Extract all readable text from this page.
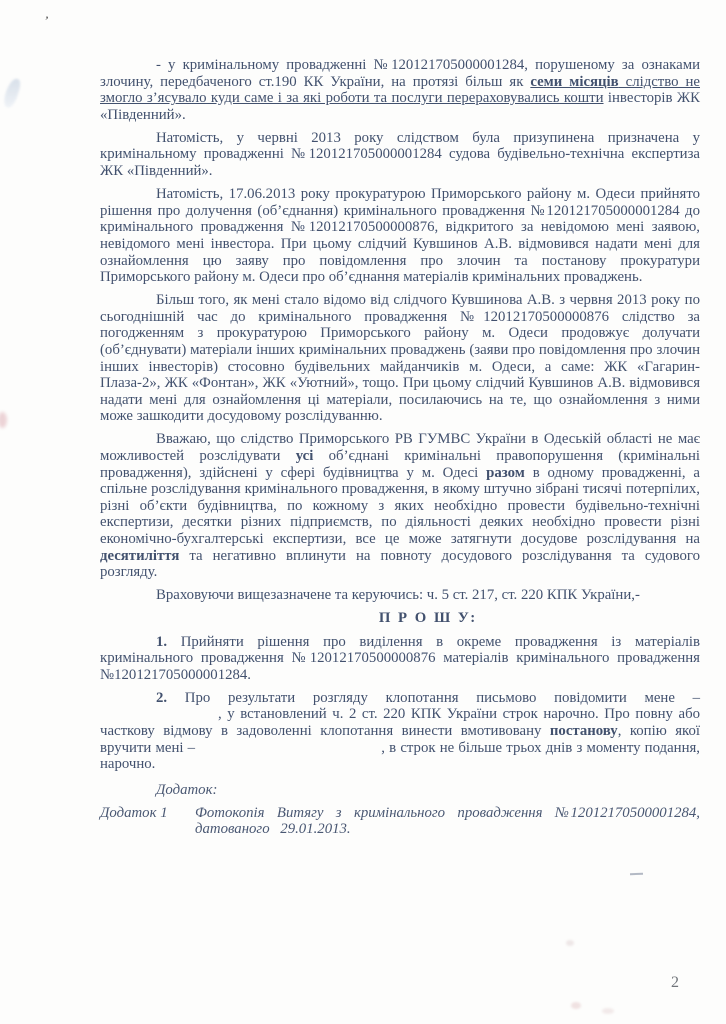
’

- у кримінальному провадженні №120121705000001284, порушеному за ознаками злочину, передбаченого ст.190 КК України, на протязі більш як семи місяців слідство не змогло з’ясувало куди саме і за які роботи та послуги перераховувались кошти інвесторів ЖК «Південний».

Натомість, у червні 2013 року слідством була призупинена призначена у кримінальному провадженні №120121705000001284 судова будівельно-технічна експертиза ЖК «Південний».

Натомість, 17.06.2013 року прокуратурою Приморського району м. Одеси прийнято рішення про долучення (об’єднання) кримінального провадження №120121705000001284 до кримінального провадження №12012170500000876, відкритого за невідомою мені заявою, невідомого мені інвестора. При цьому слідчий Кувшинов А.В. відмовився надати мені для ознайомлення цю заяву про повідомлення про злочин та постанову прокуратури Приморського району м. Одеси про об’єднання матеріалів кримінальних проваджень.

Більш того, як мені стало відомо від слідчого Кувшинова А.В. з червня 2013 року по сьогоднішній час до кримінального провадження №12012170500000876 слідство за погодженням з прокуратурою Приморського району м. Одеси продовжує долучати (об’єднувати) матеріали інших кримінальних проваджень (заяви про повідомлення про злочин інших інвесторів) стосовно будівельних майданчиків м. Одеси, а саме: ЖК «Гагарин-Плаза-2», ЖК «Фонтан», ЖК «Уютний», тощо. При цьому слідчий Кувшинов А.В. відмовився надати мені для ознайомлення ці матеріали, посилаючись на те, що ознайомлення з ними може зашкодити досудовому розслідуванню.

Вважаю, що слідство Приморського РВ ГУМВС України в Одеській області не має можливостей розслідувати усі об’єднані кримінальні правопорушення (кримінальні провадження), здійснені у сфері будівництва у м. Одесі разом в одному провадженні, а спільне розслідування кримінального провадження, в якому штучно зібрані тисячі потерпілих, різні об’єкти будівництва, по кожному з яких необхідно провести будівельно-технічні експертизи, десятки різних підприємств, по діяльності деяких необхідно провести різні економічно-бухгалтерські експертизи, все це може затягнути досудове розслідування на десятиліття та негативно вплинути на повноту досудового розслідування та судового розгляду.

Враховуючи вищезазначене та керуючись: ч. 5 ст. 217, ст. 220 КПК України,-

П Р О Ш У:

1. Прийняти рішення про виділення в окреме провадження із матеріалів кримінального провадження №12012170500000876 матеріалів кримінального провадження №120121705000001284.

2. Про результати розгляду клопотання письмово повідомити мене – , у встановлений ч. 2 ст. 220 КПК України строк нарочно. Про повну або часткову відмову в задоволенні клопотання винести вмотивовану постанову, копію якої вручити мені –	, в строк не більше трьох днів з моменту подання, нарочно.

Додаток:

Додаток 1	Фотокопія Витягу з кримінального провадження №12012170500001284, датованого 29.01.2013.
2
